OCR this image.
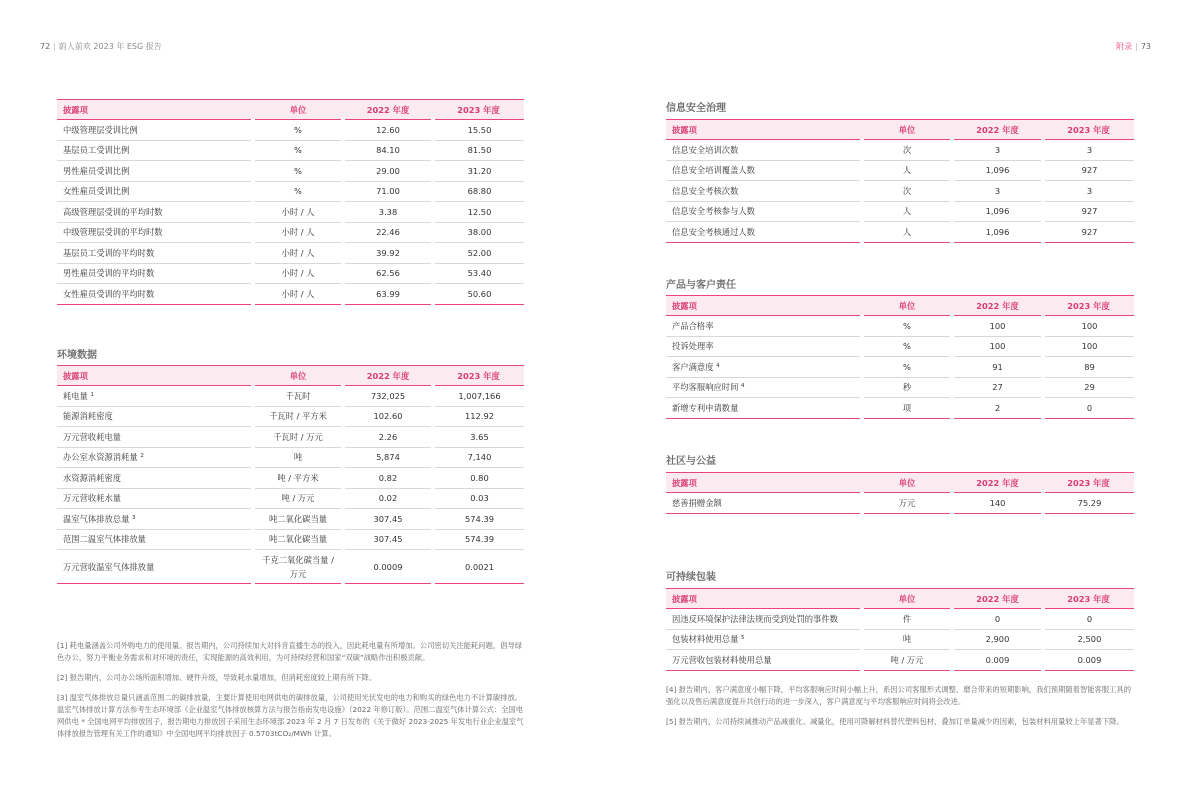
72 | 蔚人前欢 2023 年 ESG 报告	附录 | 73
披露项	单位	2022 年度	2023 年度
中级管理层受训比例	%	12.60	15.50
基层员工受训比例	%	84.10	81.50
男性雇员受训比例	%	29.00	31.20
女性雇员受训比例	%	71.00	68.80
高级管理层受训的平均时数	小时 / 人	3.38	12.50
中级管理层受训的平均时数	小时 / 人	22.46	38.00
基层员工受训的平均时数	小时 / 人	39.92	52.00
男性雇员受训的平均时数	小时 / 人	62.56	53.40
女性雇员受训的平均时数	小时 / 人	63.99	50.60
环境数据
披露项	单位	2022 年度	2023 年度
耗电量 $^1$	千瓦时	732,025	1,007,166
能源消耗密度	千瓦时 / 平方米	102.60	112.92
万元营收耗电量	千瓦时 / 万元	2.26	3.65
办公室水资源消耗量 $^2$	吨	5,874	7,140
水资源消耗密度	吨 / 平方米	0.82	0.80
万元营收耗水量	吨 / 万元	0.02	0.03
温室气体排放总量 $^3$	吨二氧化碳当量	307.45	574.39
范围二温室气体排放量	吨二氧化碳当量	307.45	574.39
万元营收温室气体排放量	千克二氧化碳当量 / 万元	0.0009	0.0021
[1] 耗电量涵盖公司外购电力的使用量。报告期内，公司持续加大对抖音直播生态的投入，因此耗电量有所增加。公司密切关注能耗问题，倡导绿色办公，努力平衡业务需求和对环境的责任，实现能源的高效利用，为可持续经营和国家“双碳”战略作出积极贡献。
[2] 报告期内，公司办公场所面积增加、硬件升级，导致耗水量增加，但消耗密度较上期有所下降。
[3] 温室气体排放总量只涵盖范围二的碳排放量，主要计算使用电网供电的碳排放量，公司使用光伏发电的电力和购买的绿色电力不计算碳排放。温室气体排放计算方法参考生态环境部《企业温室气体排放核算方法与报告指南发电设施》（2022 年修订版）。范围二温室气体计算公式：全国电网供电 * 全国电网平均排放因子，报告期电力排放因子采用生态环境部 2023 年 2 月 7 日发布的《关于做好 2023-2025 年发电行业企业温室气体排放报告管理有关工作的通知》中全国电网平均排放因子 0.5703tCO₂/MWh 计算。
信息安全治理
披露项	单位	2022 年度	2023 年度
信息安全培训次数	次	3	3
信息安全培训覆盖人数	人	1,096	927
信息安全考核次数	次	3	3
信息安全考核参与人数	人	1,096	927
信息安全考核通过人数	人	1,096	927
产品与客户责任
披露项	单位	2022 年度	2023 年度
产品合格率	%	100	100
投诉处理率	%	100	100
客户满意度 $^4$	%	91	89
平均客服响应时间 $^4$	秒	27	29
新增专利申请数量	项	2	0
社区与公益
披露项	单位	2022 年度	2023 年度
慈善捐赠金额	万元	140	75.29
可持续包装
披露项	单位	2022 年度	2023 年度
因违反环境保护法律法规而受到处罚的事件数	件	0	0
包装材料使用总量 $^5$	吨	2,900	2,500
万元营收包装材料使用总量	吨 / 万元	0.009	0.009
[4] 报告期内，客户满意度小幅下降，平均客服响应时间小幅上升，系因公司客服形式调整、磨合带来的短期影响，我们预期随着智能客服工具的强化以及售后满意度提升共创行动的进一步深入，客户满意度与平均客服响应时间将会改进。
[5] 报告期内，公司持续减推动产品减重化、减量化，使用可降解材料替代塑料包材，叠加订单量减少的因素，包装材料用量较上年显著下降。
